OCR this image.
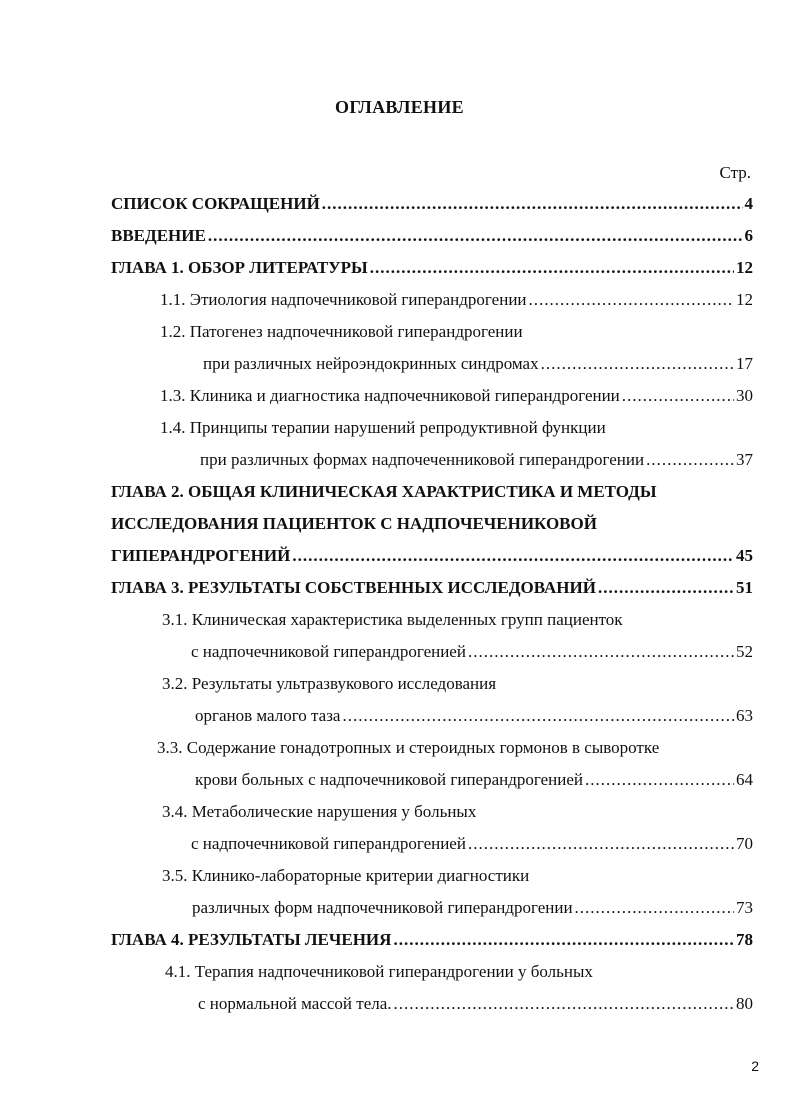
ОГЛАВЛЕНИЕ
Стр.
СПИСОК СОКРАЩЕНИЙ .....	4
ВВЕДЕНИЕ .....	6
ГЛАВА 1. ОБЗОР ЛИТЕРАТУРЫ .....	12
1.1. Этиология надпочечниковой гиперандрогении .....	12
1.2. Патогенез надпочечниковой гиперандрогении
при различных нейроэндокринных синдромах .....	17
1.3. Клиника и диагностика надпочечниковой гиперандрогении .....	30
1.4. Принципы терапии нарушений репродуктивной функции
при различных формах надпочеченниковой гиперандрогении .....	37
ГЛАВА 2. ОБЩАЯ КЛИНИЧЕСКАЯ ХАРАКТРИСТИКА И МЕТОДЫ
ИССЛЕДОВАНИЯ ПАЦИЕНТОК С НАДПОЧЕЧЕНИКОВОЙ
ГИПЕРАНДРОГЕНИЙ .....	45
ГЛАВА 3. РЕЗУЛЬТАТЫ СОБСТВЕННЫХ ИССЛЕДОВАНИЙ .....	51
3.1. Клиническая характеристика выделенных групп пациенток
с надпочечниковой гиперандрогенией .....	52
3.2. Результаты ультразвукового исследования
органов малого таза .....	63
3.3. Содержание гонадотропных и стероидных гормонов в сыворотке
крови больных с надпочечниковой гиперандрогенией .....	64
3.4. Метаболические нарушения у больных
с надпочечниковой гиперандрогенией .....	70
3.5. Клинико-лабораторные критерии диагностики
различных форм надпочечниковой гиперандрогении .....	73
ГЛАВА 4. РЕЗУЛЬТАТЫ ЛЕЧЕНИЯ .....	78
4.1. Терапия надпочечниковой гиперандрогении у больных
с нормальной массой тела. .....	80
2
